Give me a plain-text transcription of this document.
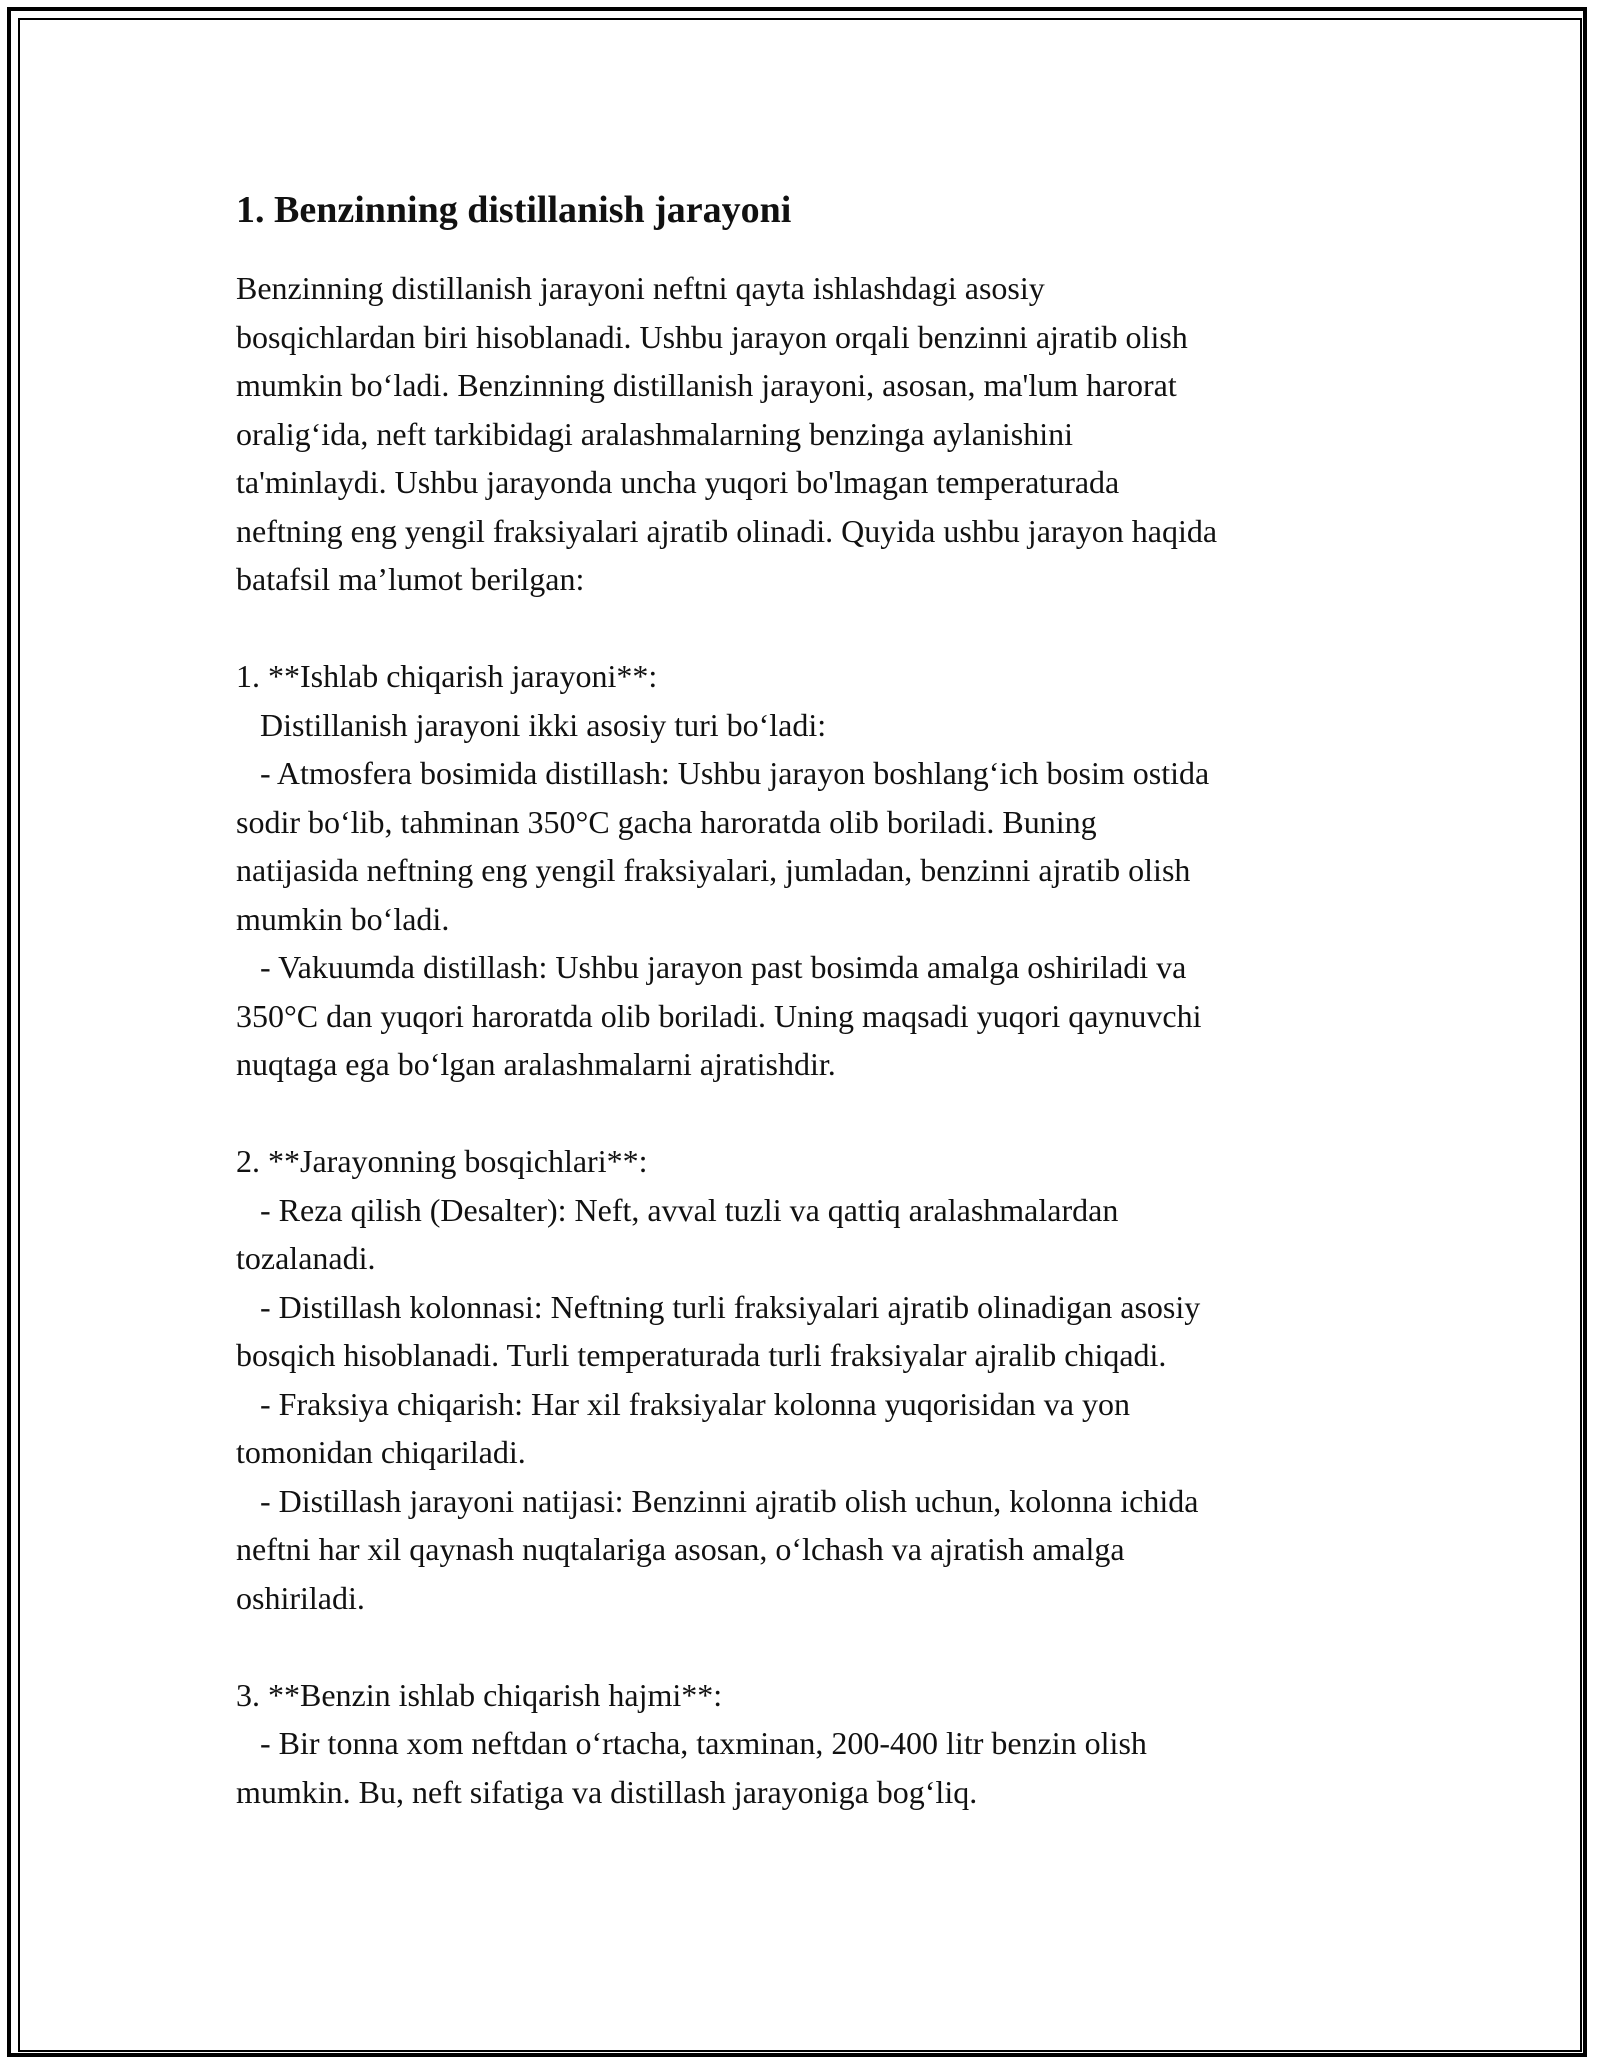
1. Benzinning distillanish jarayoni

Benzinning distillanish jarayoni neftni qayta ishlashdagi asosiy
bosqichlardan biri hisoblanadi. Ushbu jarayon orqali benzinni ajratib olish
mumkin bo‘ladi. Benzinning distillanish jarayoni, asosan, ma'lum harorat
oralig‘ida, neft tarkibidagi aralashmalarning benzinga aylanishini
ta'minlaydi. Ushbu jarayonda uncha yuqori bo'lmagan temperaturada
neftning eng yengil fraksiyalari ajratib olinadi. Quyida ushbu jarayon haqida
batafsil ma’lumot berilgan:

1. **Ishlab chiqarish jarayoni**:
Distillanish jarayoni ikki asosiy turi bo‘ladi:
- Atmosfera bosimida distillash: Ushbu jarayon boshlang‘ich bosim ostida
sodir bo‘lib, tahminan 350°C gacha haroratda olib boriladi. Buning
natijasida neftning eng yengil fraksiyalari, jumladan, benzinni ajratib olish
mumkin bo‘ladi.
- Vakuumda distillash: Ushbu jarayon past bosimda amalga oshiriladi va
350°C dan yuqori haroratda olib boriladi. Uning maqsadi yuqori qaynuvchi
nuqtaga ega bo‘lgan aralashmalarni ajratishdir.

2. **Jarayonning bosqichlari**:
- Reza qilish (Desalter): Neft, avval tuzli va qattiq aralashmalardan
tozalanadi.
- Distillash kolonnasi: Neftning turli fraksiyalari ajratib olinadigan asosiy
bosqich hisoblanadi. Turli temperaturada turli fraksiyalar ajralib chiqadi.
- Fraksiya chiqarish: Har xil fraksiyalar kolonna yuqorisidan va yon
tomonidan chiqariladi.
- Distillash jarayoni natijasi: Benzinni ajratib olish uchun, kolonna ichida
neftni har xil qaynash nuqtalariga asosan, o‘lchash va ajratish amalga
oshiriladi.

3. **Benzin ishlab chiqarish hajmi**:
- Bir tonna xom neftdan o‘rtacha, taxminan, 200-400 litr benzin olish
mumkin. Bu, neft sifatiga va distillash jarayoniga bog‘liq.
